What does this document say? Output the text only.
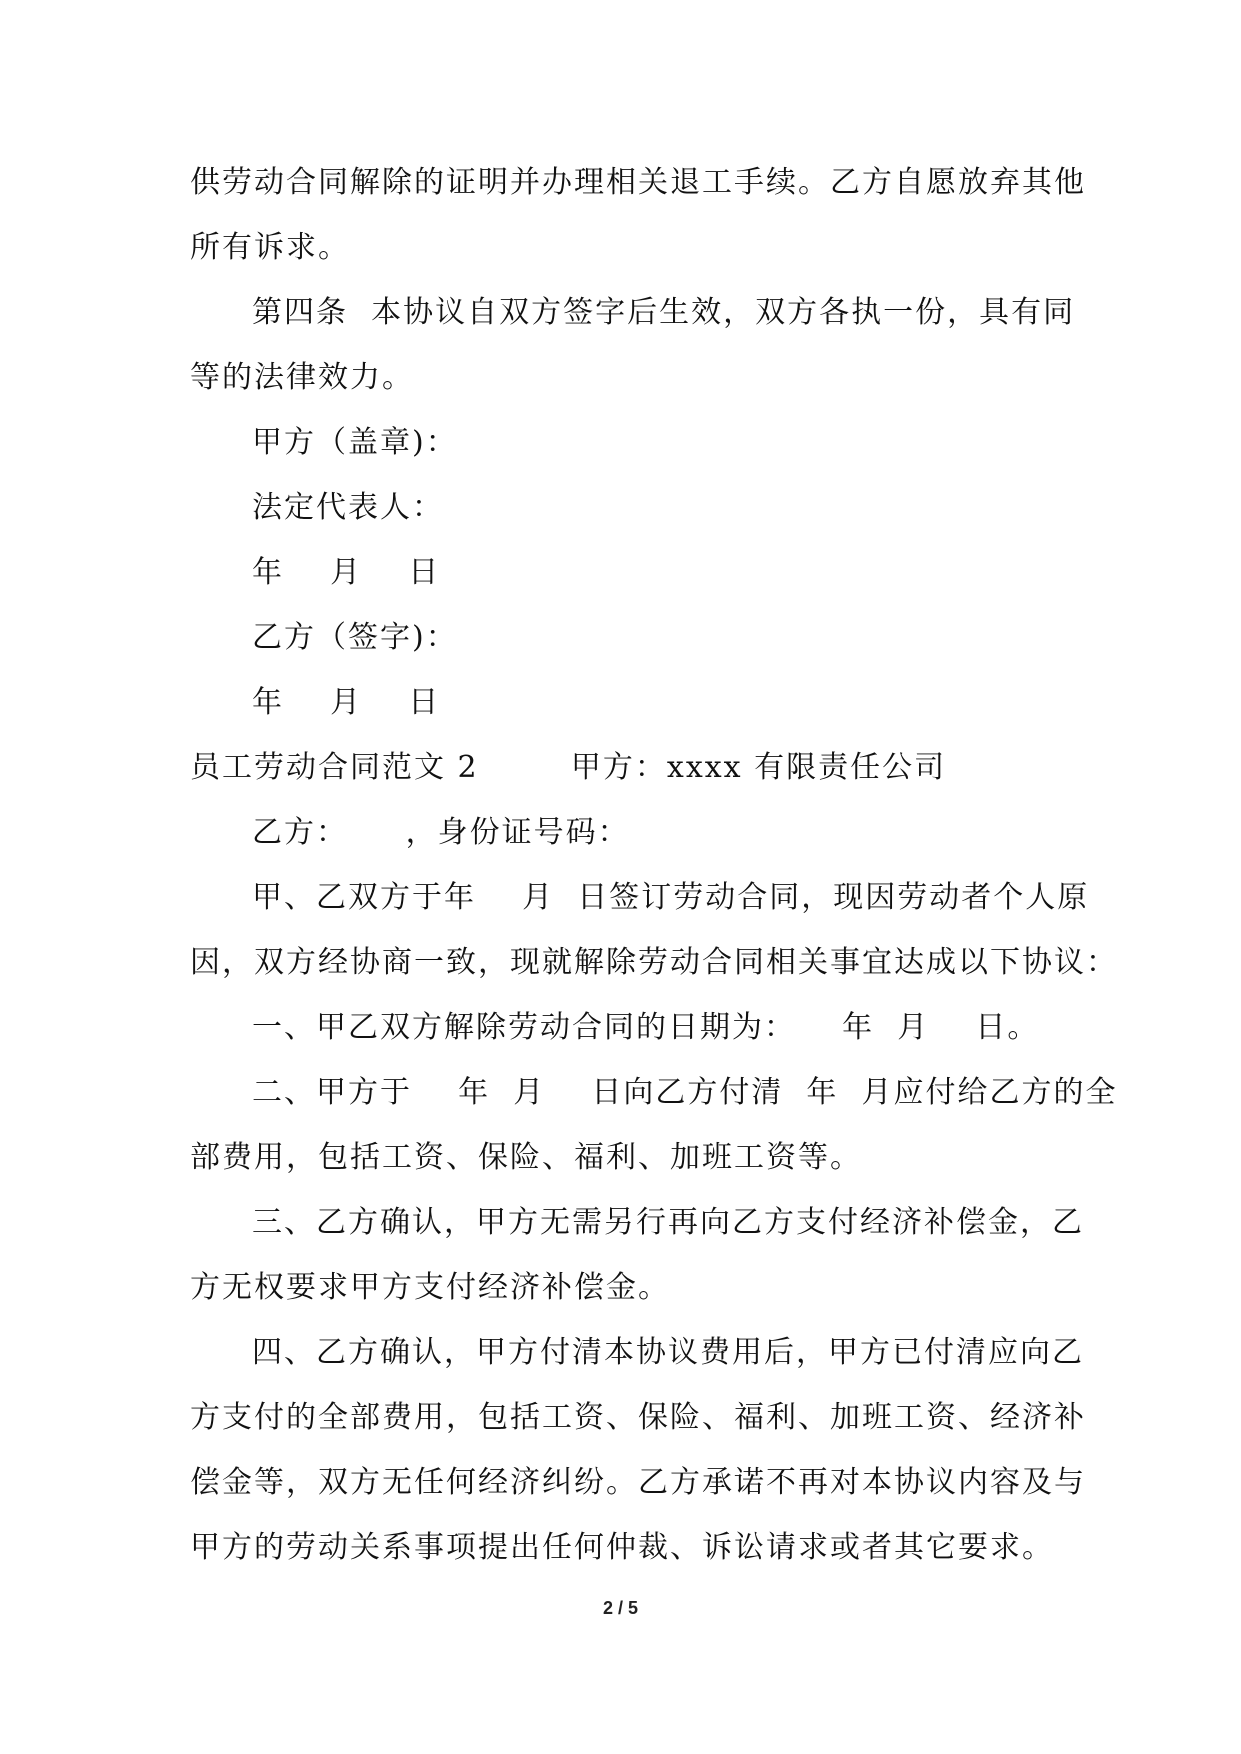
供劳动合同解除的证明并办理相关退工手续。乙方自愿放弃其他
所有诉求。
第四条  本协议自双方签字后生效，双方各执一份，具有同
等的法律效力。
甲方（盖章)：
法定代表人：
年    月    日
乙方（签字)：
年    月    日
员工劳动合同范文 2        甲方：xxxx 有限责任公司
乙方：     ，身份证号码：
甲、乙双方于年    月  日签订劳动合同，现因劳动者个人原
因，双方经协商一致，现就解除劳动合同相关事宜达成以下协议：
一、甲乙双方解除劳动合同的日期为：    年  月    日。
二、甲方于    年  月    日向乙方付清  年  月应付给乙方的全
部费用，包括工资、保险、福利、加班工资等。
三、乙方确认，甲方无需另行再向乙方支付经济补偿金，乙
方无权要求甲方支付经济补偿金。
四、乙方确认，甲方付清本协议费用后，甲方已付清应向乙
方支付的全部费用，包括工资、保险、福利、加班工资、经济补
偿金等，双方无任何经济纠纷。乙方承诺不再对本协议内容及与
甲方的劳动关系事项提出任何仲裁、诉讼请求或者其它要求。
2 / 5
